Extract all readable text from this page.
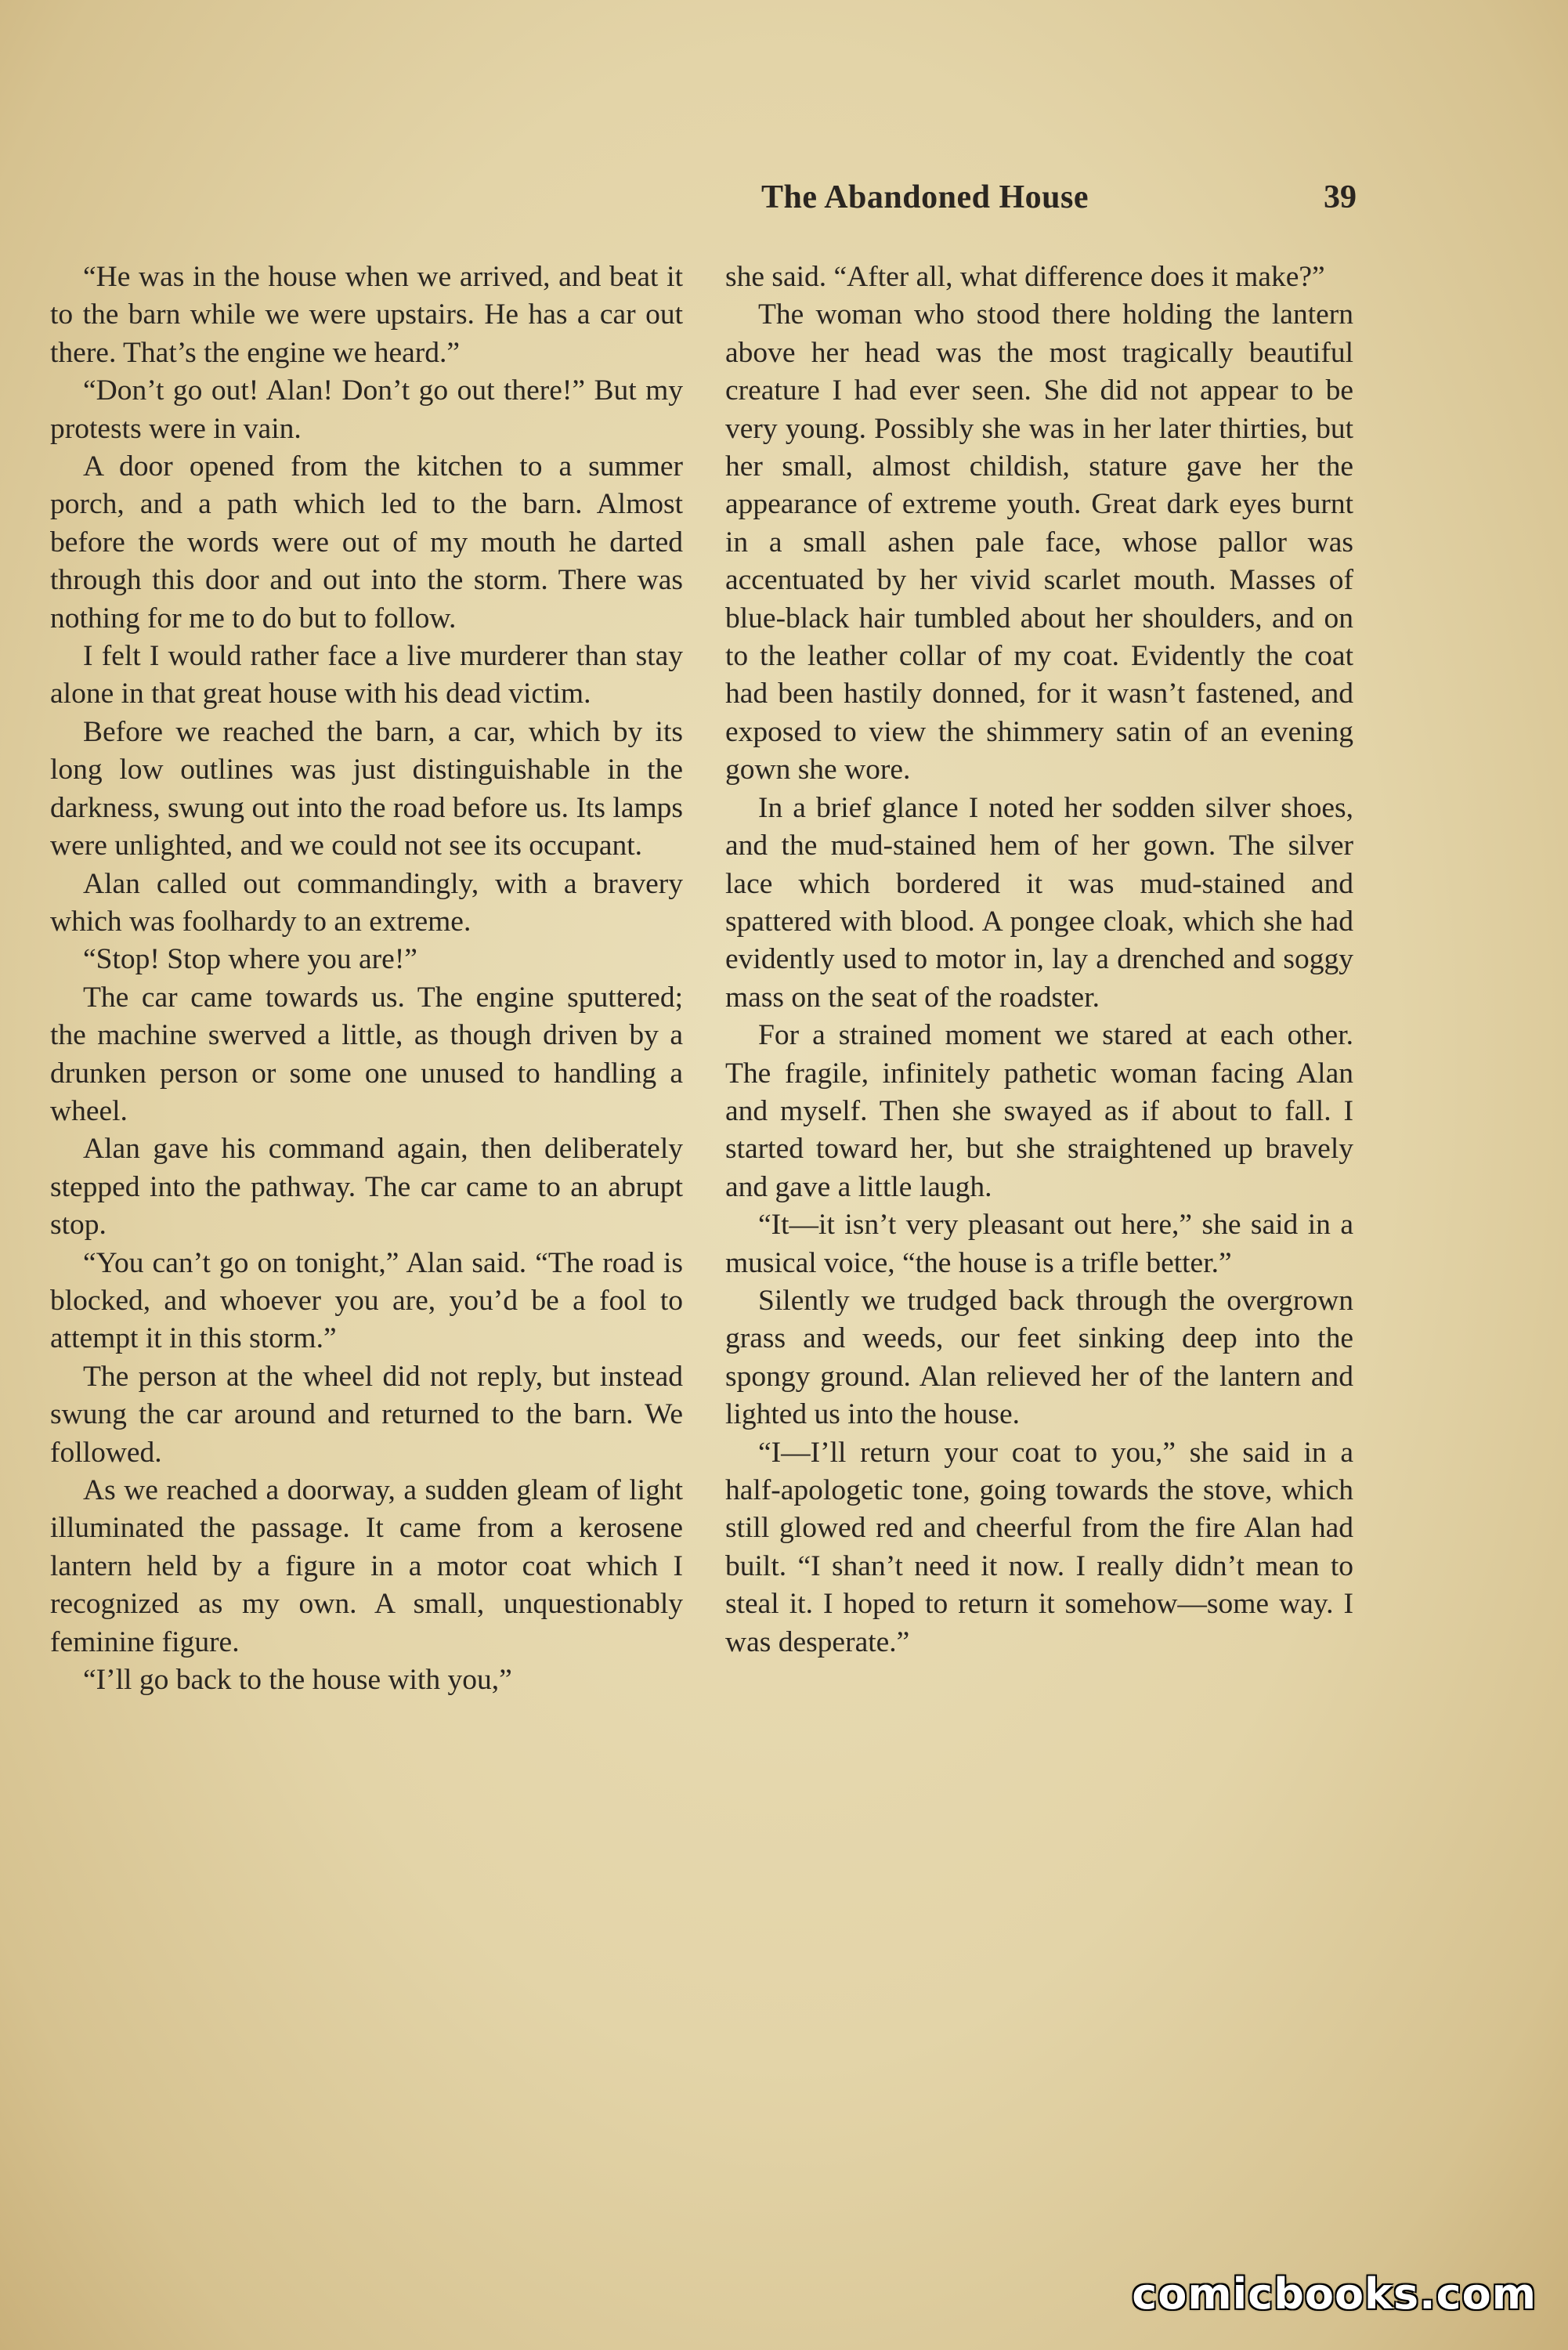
The Abandoned House	39

“He was in the house when we arrived, and beat it to the barn while we were upstairs. He has a car out there. That’s the engine we heard.”

“Don’t go out! Alan! Don’t go out there!” But my protests were in vain.

A door opened from the kitchen to a summer porch, and a path which led to the barn. Almost before the words were out of my mouth he darted through this door and out into the storm. There was nothing for me to do but to follow.

I felt I would rather face a live murderer than stay alone in that great house with his dead victim.

Before we reached the barn, a car, which by its long low outlines was just distinguishable in the darkness, swung out into the road before us. Its lamps were unlighted, and we could not see its occupant.

Alan called out commandingly, with a bravery which was foolhardy to an extreme.

“Stop! Stop where you are!”

The car came towards us. The engine sputtered; the machine swerved a little, as though driven by a drunken person or some one unused to handling a wheel.

Alan gave his command again, then deliberately stepped into the pathway. The car came to an abrupt stop.

“You can’t go on tonight,” Alan said. “The road is blocked, and whoever you are, you’d be a fool to attempt it in this storm.”

The person at the wheel did not reply, but instead swung the car around and returned to the barn. We followed.

As we reached a doorway, a sudden gleam of light illuminated the passage. It came from a kerosene lantern held by a figure in a motor coat which I recognized as my own. A small, unquestionably feminine figure.

“I’ll go back to the house with you,”

she said. “After all, what difference does it make?”

The woman who stood there holding the lantern above her head was the most tragically beautiful creature I had ever seen. She did not appear to be very young. Possibly she was in her later thirties, but her small, almost childish, stature gave her the appearance of extreme youth. Great dark eyes burnt in a small ashen pale face, whose pallor was accentuated by her vivid scarlet mouth. Masses of blue-black hair tumbled about her shoulders, and on to the leather collar of my coat. Evidently the coat had been hastily donned, for it wasn’t fastened, and exposed to view the shimmery satin of an evening gown she wore.

In a brief glance I noted her sodden silver shoes, and the mud-stained hem of her gown. The silver lace which bordered it was mud-stained and spattered with blood. A pongee cloak, which she had evidently used to motor in, lay a drenched and soggy mass on the seat of the roadster.

For a strained moment we stared at each other. The fragile, infinitely pathetic woman facing Alan and myself. Then she swayed as if about to fall. I started toward her, but she straightened up bravely and gave a little laugh.

“It—it isn’t very pleasant out here,” she said in a musical voice, “the house is a trifle better.”

Silently we trudged back through the overgrown grass and weeds, our feet sinking deep into the spongy ground. Alan relieved her of the lantern and lighted us into the house.

“I—I’ll return your coat to you,” she said in a half-apologetic tone, going towards the stove, which still glowed red and cheerful from the fire Alan had built. “I shan’t need it now. I really didn’t mean to steal it. I hoped to return it somehow—some way. I was desperate.”

comicbooks.com
